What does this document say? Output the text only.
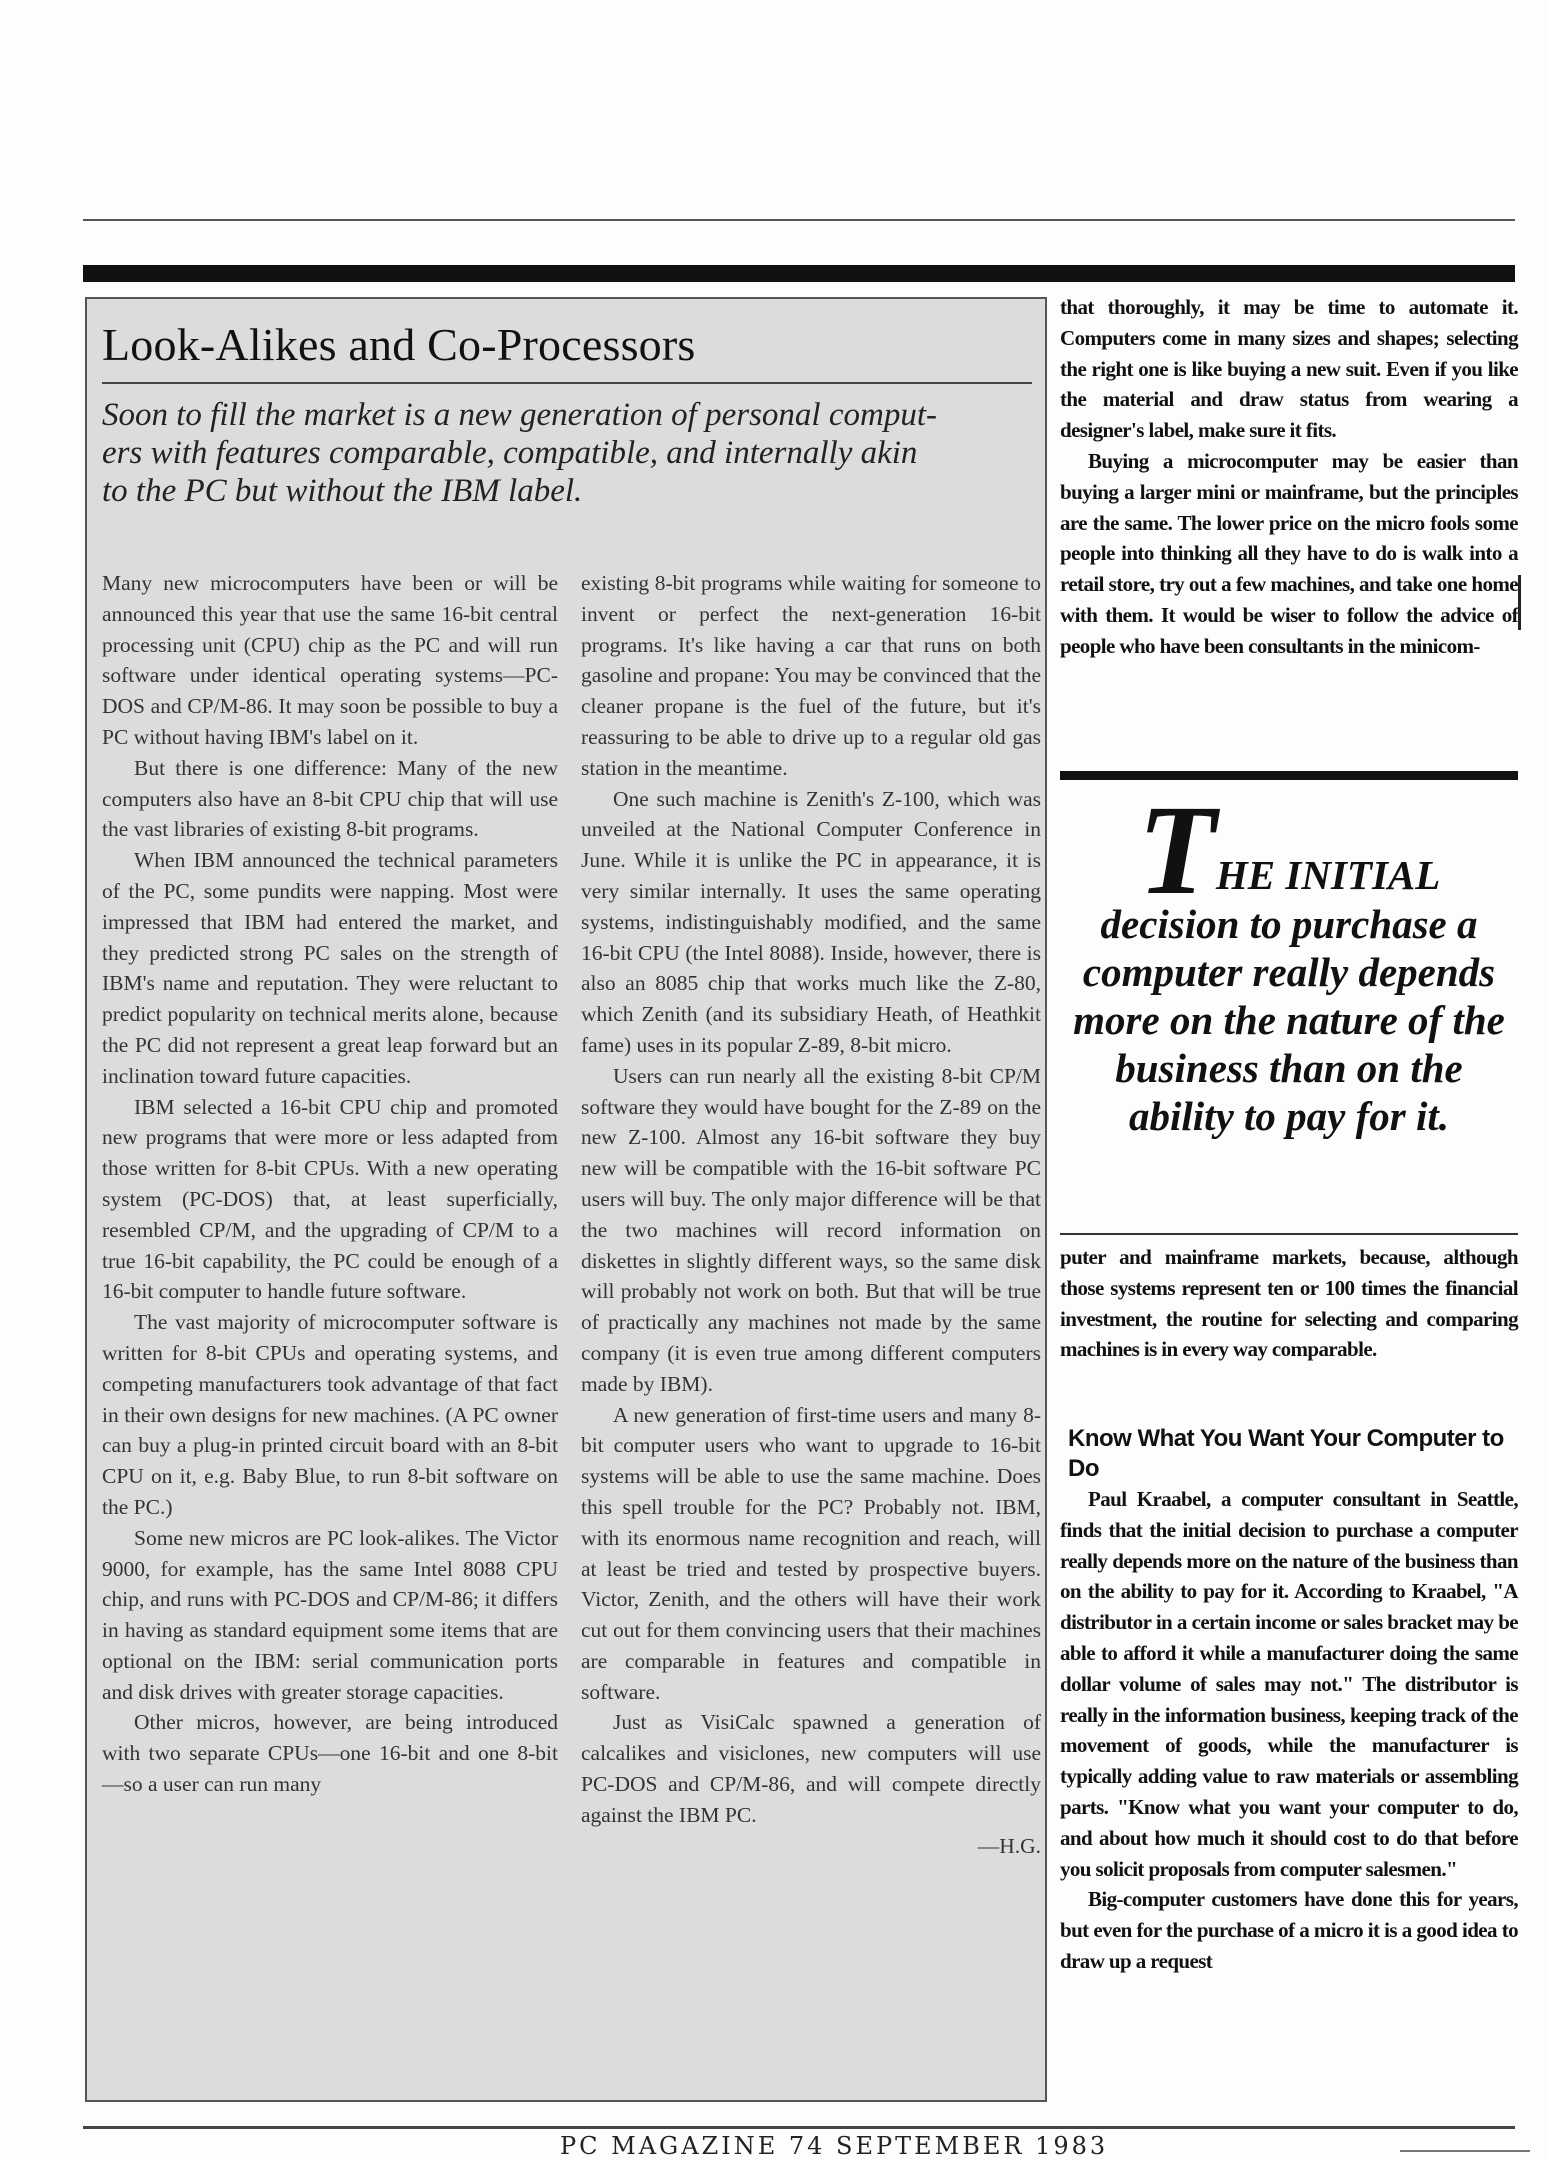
Look-Alikes and Co-Processors
Soon to fill the market is a new generation of personal comput-
ers with features comparable, compatible, and internally akin
to the PC but without the IBM label.

Many new microcomputers have been or will be announced this year that use the same 16-bit central processing unit (CPU) chip as the PC and will run software under identical operating systems—PC-DOS and CP/M-86. It may soon be possible to buy a PC without having IBM's label on it.

But there is one difference: Many of the new computers also have an 8-bit CPU chip that will use the vast libraries of existing 8-bit programs.

When IBM announced the technical parameters of the PC, some pundits were napping. Most were impressed that IBM had entered the market, and they predicted strong PC sales on the strength of IBM's name and reputation. They were reluctant to predict popularity on technical merits alone, because the PC did not represent a great leap forward but an inclination toward future capacities.

IBM selected a 16-bit CPU chip and promoted new programs that were more or less adapted from those written for 8-bit CPUs. With a new operating system (PC-DOS) that, at least superficially, resembled CP/M, and the upgrading of CP/M to a true 16-bit capability, the PC could be enough of a 16-bit computer to handle future software.

The vast majority of microcomputer software is written for 8-bit CPUs and operating systems, and competing manufacturers took advantage of that fact in their own designs for new machines. (A PC owner can buy a plug-in printed circuit board with an 8-bit CPU on it, e.g. Baby Blue, to run 8-bit software on the PC.)

Some new micros are PC look-alikes. The Victor 9000, for example, has the same Intel 8088 CPU chip, and runs with PC-DOS and CP/M-86; it differs in having as standard equipment some items that are optional on the IBM: serial communication ports and disk drives with greater storage capacities.

Other micros, however, are being introduced with two separate CPUs—one 16-bit and one 8-bit—so a user can run many

existing 8-bit programs while waiting for someone to invent or perfect the next-generation 16-bit programs. It's like having a car that runs on both gasoline and propane: You may be convinced that the cleaner propane is the fuel of the future, but it's reassuring to be able to drive up to a regular old gas station in the meantime.

One such machine is Zenith's Z-100, which was unveiled at the National Computer Conference in June. While it is unlike the PC in appearance, it is very similar internally. It uses the same operating systems, indistinguishably modified, and the same 16-bit CPU (the Intel 8088). Inside, however, there is also an 8085 chip that works much like the Z-80, which Zenith (and its subsidiary Heath, of Heathkit fame) uses in its popular Z-89, 8-bit micro.

Users can run nearly all the existing 8-bit CP/M software they would have bought for the Z-89 on the new Z-100. Almost any 16-bit software they buy new will be compatible with the 16-bit software PC users will buy. The only major difference will be that the two machines will record information on diskettes in slightly different ways, so the same disk will probably not work on both. But that will be true of practically any machines not made by the same company (it is even true among different computers made by IBM).

A new generation of first-time users and many 8-bit computer users who want to upgrade to 16-bit systems will be able to use the same machine. Does this spell trouble for the PC? Probably not. IBM, with its enormous name recognition and reach, will at least be tried and tested by prospective buyers. Victor, Zenith, and the others will have their work cut out for them convincing users that their machines are comparable in features and compatible in software.

Just as VisiCalc spawned a generation of calcalikes and visiclones, new computers will use PC-DOS and CP/M-86, and will compete directly against the IBM PC.

—H.G.

that thoroughly, it may be time to automate it. Computers come in many sizes and shapes; selecting the right one is like buying a new suit. Even if you like the material and draw status from wearing a designer's label, make sure it fits.

Buying a microcomputer may be easier than buying a larger mini or mainframe, but the principles are the same. The lower price on the micro fools some people into thinking all they have to do is walk into a retail store, try out a few machines, and take one home with them. It would be wiser to follow the advice of people who have been consultants in the minicom-

THE INITIAL
decision to purchase a computer really depends more on the nature of the business than on the ability to pay for it.

puter and mainframe markets, because, although those systems represent ten or 100 times the financial investment, the routine for selecting and comparing machines is in every way comparable.

Know What You Want Your Computer to Do

Paul Kraabel, a computer consultant in Seattle, finds that the initial decision to purchase a computer really depends more on the nature of the business than on the ability to pay for it. According to Kraabel, "A distributor in a certain income or sales bracket may be able to afford it while a manufacturer doing the same dollar volume of sales may not." The distributor is really in the information business, keeping track of the movement of goods, while the manufacturer is typically adding value to raw materials or assembling parts. "Know what you want your computer to do, and about how much it should cost to do that before you solicit proposals from computer salesmen."

Big-computer customers have done this for years, but even for the purchase of a micro it is a good idea to draw up a request

PC MAGAZINE 74 SEPTEMBER 1983
